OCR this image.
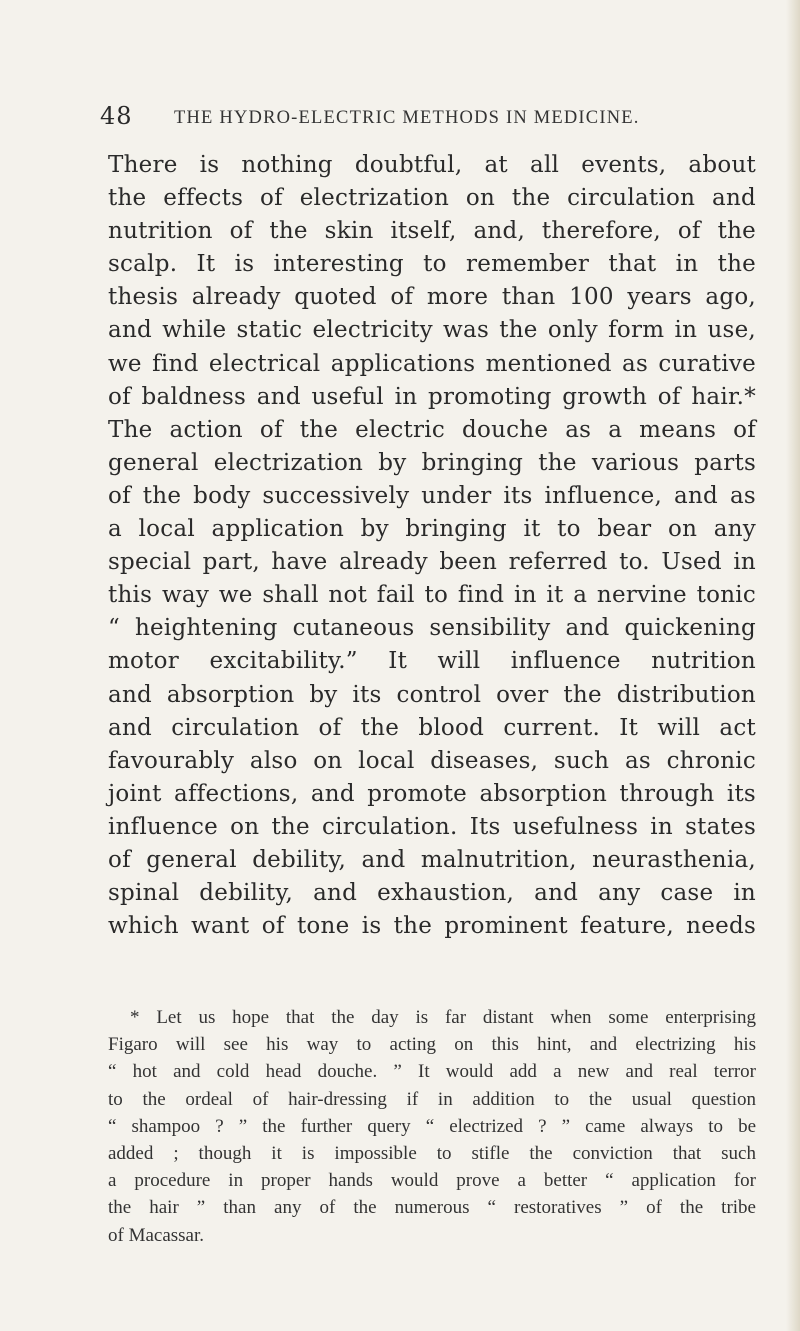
48 THE HYDRO-ELECTRIC METHODS IN MEDICINE.
There is nothing doubtful, at all events, about
the effects of electrization on the circulation and
nutrition of the skin itself, and, therefore, of the
scalp. It is interesting to remember that in the
thesis already quoted of more than 100 years ago,
and while static electricity was the only form in use,
we find electrical applications mentioned as curative
of baldness and useful in promoting growth of hair.*
The action of the electric douche as a means of
general electrization by bringing the various parts
of the body successively under its influence, and as
a local application by bringing it to bear on any
special part, have already been referred to. Used in
this way we shall not fail to find in it a nervine tonic
“ heightening cutaneous sensibility and quickening
motor excitability.” It will influence nutrition
and absorption by its control over the distribution
and circulation of the blood current. It will act
favourably also on local diseases, such as chronic
joint affections, and promote absorption through its
influence on the circulation. Its usefulness in states
of general debility, and malnutrition, neurasthenia,
spinal debility, and exhaustion, and any case in
which want of tone is the prominent feature, needs
* Let us hope that the day is far distant when some enterprising
Figaro will see his way to acting on this hint, and electrizing his
“ hot and cold head douche. ” It would add a new and real terror
to the ordeal of hair-dressing if in addition to the usual question
“ shampoo ? ” the further query “ electrized ? ” came always to be
added ; though it is impossible to stifle the conviction that such
a procedure in proper hands would prove a better “ application for
the hair ” than any of the numerous “ restoratives ” of the tribe
of Macassar.
